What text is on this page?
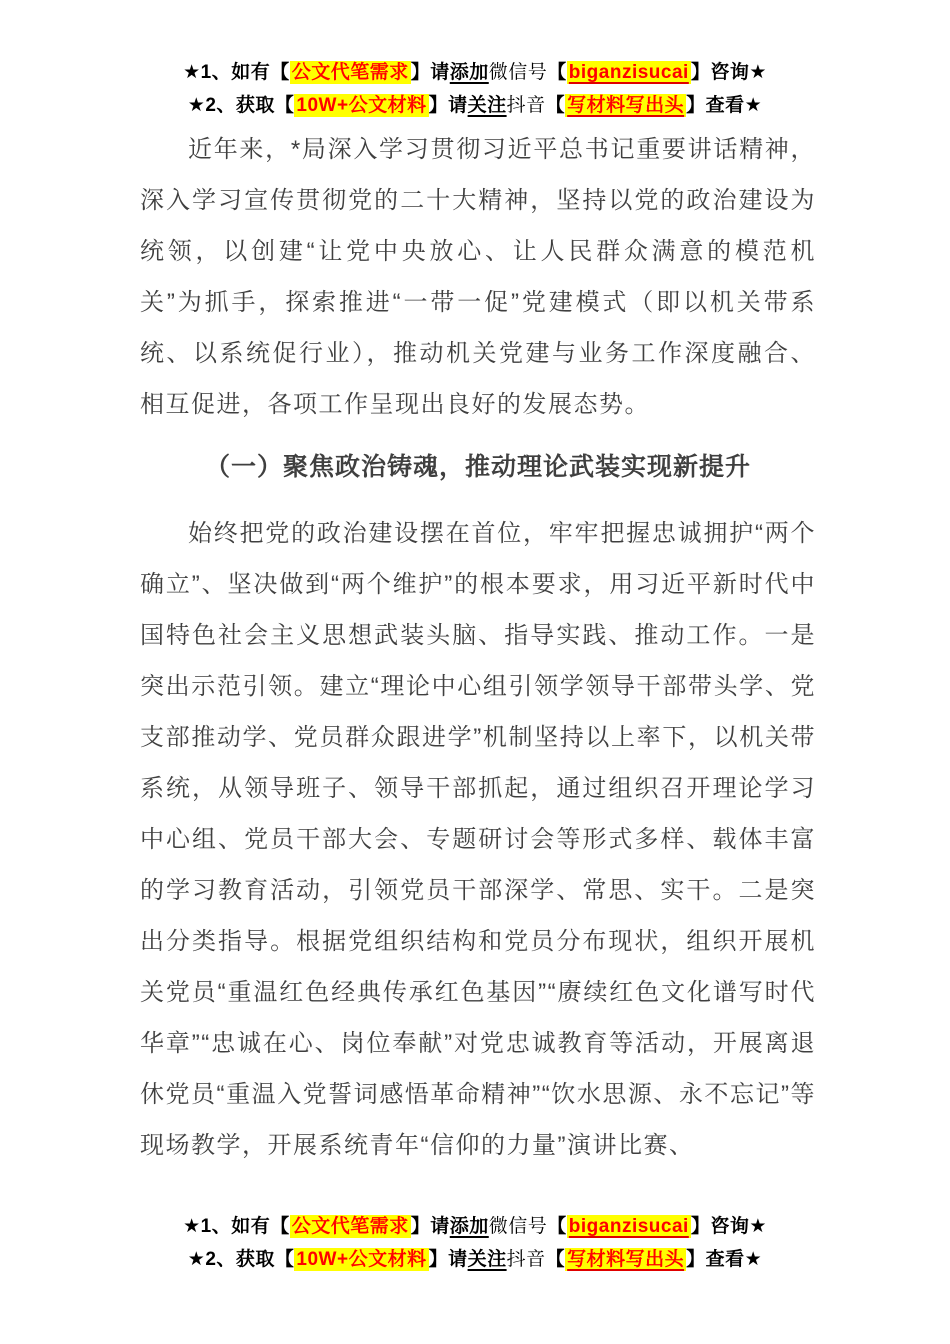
★1、如有【 公文代笔需求 】请添加微信号【 biganzisucai 】咨询★
★2、获取【 10W+公文材料 】请关注抖音【 写材料写出头 】查看★

近年来，*局深入学习贯彻习近平总书记重要讲话精神，深入学习宣传贯彻党的二十大精神，坚持以党的政治建设为统领，以创建“让党中央放心、让人民群众满意的模范机关”为抓手，探索推进“一带一促”党建模式（即以机关带系统、以系统促行业），推动机关党建与业务工作深度融合、相互促进，各项工作呈现出良好的发展态势。

（一）聚焦政治铸魂，推动理论武装实现新提升

始终把党的政治建设摆在首位，牢牢把握忠诚拥护“两个确立”、坚决做到“两个维护”的根本要求，用习近平新时代中国特色社会主义思想武装头脑、指导实践、推动工作。一是突出示范引领。建立“理论中心组引领学领导干部带头学、党支部推动学、党员群众跟进学”机制坚持以上率下，以机关带系统，从领导班子、领导干部抓起，通过组织召开理论学习中心组、党员干部大会、专题研讨会等形式多样、载体丰富的学习教育活动，引领党员干部深学、常思、实干。二是突出分类指导。根据党组织结构和党员分布现状，组织开展机关党员“重温红色经典传承红色基因”“赓续红色文化谱写时代华章”“忠诚在心、岗位奉献”对党忠诚教育等活动，开展离退休党员“重温入党誓词感悟革命精神”“饮水思源、永不忘记”等现场教学，开展系统青年“信仰的力量”演讲比赛、

★1、如有【 公文代笔需求 】请添加微信号【 biganzisucai 】咨询★
★2、获取【 10W+公文材料 】请关注抖音【 写材料写出头 】查看★
